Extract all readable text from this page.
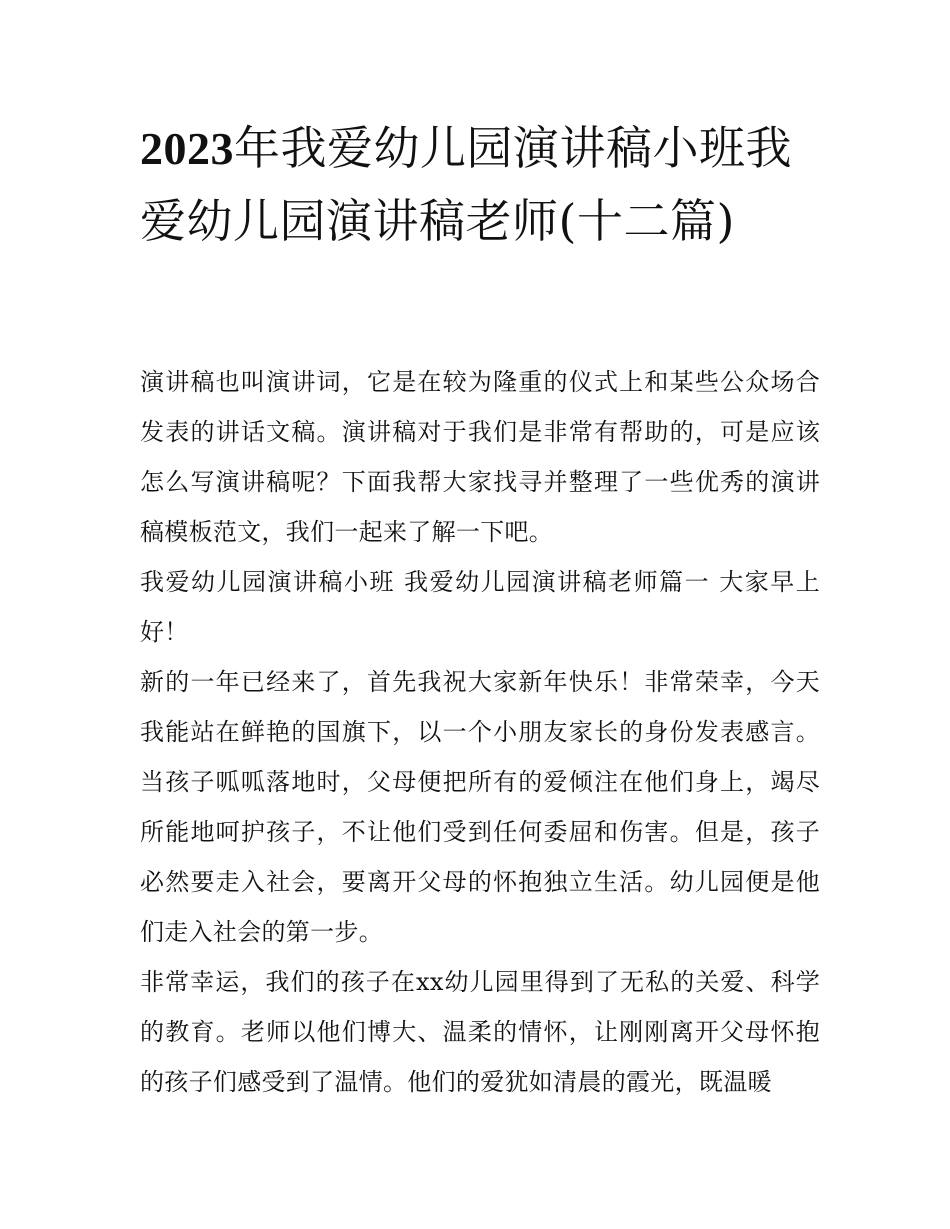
2023年我爱幼儿园演讲稿小班我爱幼儿园演讲稿老师(十二篇)

演讲稿也叫演讲词，它是在较为隆重的仪式上和某些公众场合发表的讲话文稿。演讲稿对于我们是非常有帮助的，可是应该怎么写演讲稿呢？下面我帮大家找寻并整理了一些优秀的演讲稿模板范文，我们一起来了解一下吧。

我爱幼儿园演讲稿小班 我爱幼儿园演讲稿老师篇一 大家早上好！

新的一年已经来了，首先我祝大家新年快乐！非常荣幸，今天我能站在鲜艳的国旗下，以一个小朋友家长的身份发表感言。当孩子呱呱落地时，父母便把所有的爱倾注在他们身上，竭尽所能地呵护孩子，不让他们受到任何委屈和伤害。但是，孩子必然要走入社会，要离开父母的怀抱独立生活。幼儿园便是他们走入社会的第一步。

非常幸运，我们的孩子在xx幼儿园里得到了无私的关爱、科学的教育。老师以他们博大、温柔的情怀，让刚刚离开父母怀抱的孩子们感受到了温情。他们的爱犹如清晨的霞光，既温暖
